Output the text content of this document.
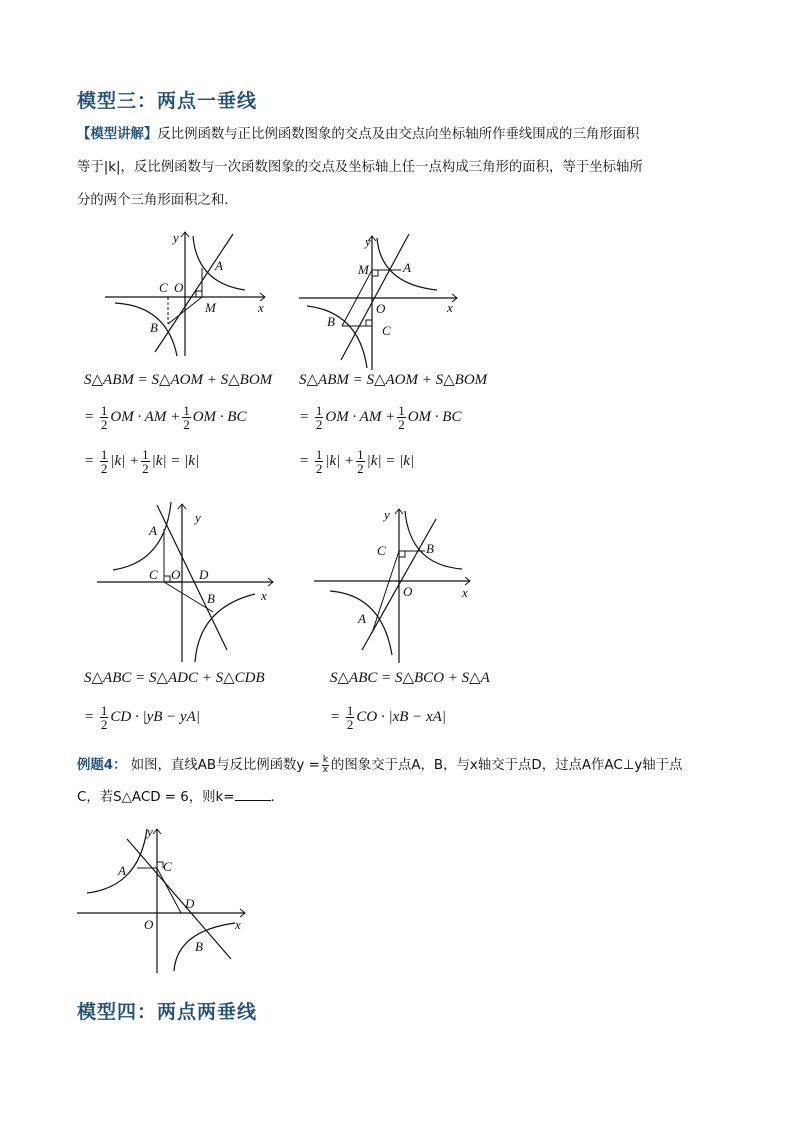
模型三：两点一垂线
【模型讲解】反比例函数与正比例函数图象的交点及由交点向坐标轴所作垂线围成的三角形面积
等于|k|，反比例函数与一次函数图象的交点及坐标轴上任一点构成三角形的面积，等于坐标轴所
分的两个三角形面积之和．
y
x
C O
A
M
B
y
x
M	A
O
B
C
S△ABM = S△AOM + S△BOM
= $\frac{1}{2}$ OM · AM + $\frac{1}{2}$ OM · BC
= $\frac{1}{2} |k| + \frac{1}{2} |k| = |k|$
S△ABM = S△AOM + S△BOM
= $\frac{1}{2}$ OM · AM + $\frac{1}{2}$ OM · BC
= $\frac{1}{2} |k| + \frac{1}{2} |k| = |k|$
y
x
A
C O D
B
y
x
C	B
O
A
S△ABC = S△ADC + S△CDB
= $\frac{1}{2}$ CD · |yB − yA|
S△ABC = S△BCO + S△A
= $\frac{1}{2}$ CO · |xB − xA|
例题4： 如图，直线AB与反比例函数$y = \frac{k}{x}$ 的图象交于点A，B，与x轴交于点D，过点A作AC⊥y轴于点
C，若S△ACD = 6，则k=	．
y
x
A	C
D
O
B
模型四：两点两垂线
